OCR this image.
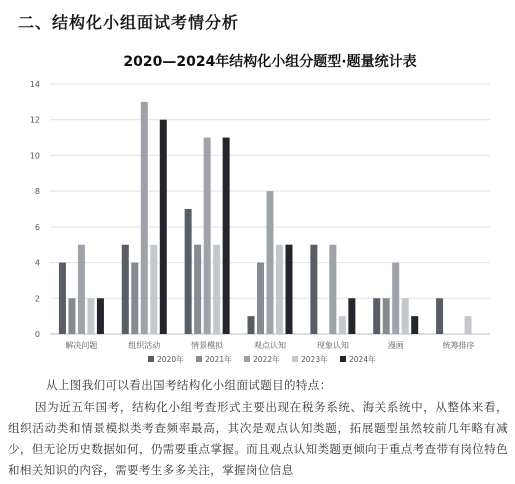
二、结构化小组面试考情分析
2020—2024年结构化小组分题型·题量统计表
0
2
4
6
8
10
12
14
解决问题	组织活动	情景模拟	观点认知	现象认知	漫画	统筹排序
2020年	2021年	2022年	2023年	2024年

从上图我们可以看出国考结构化小组面试题目的特点：

因为近五年国考，结构化小组考查形式主要出现在税务系统、海关系统中，从整体来看，组织活动类和情景模拟类考查频率最高，其次是观点认知类题，拓展题型虽然较前几年略有减少，但无论历史数据如何，仍需要重点掌握。而且观点认知类题更倾向于重点考查带有岗位特色和相关知识的内容，需要考生多多关注，掌握岗位信息
